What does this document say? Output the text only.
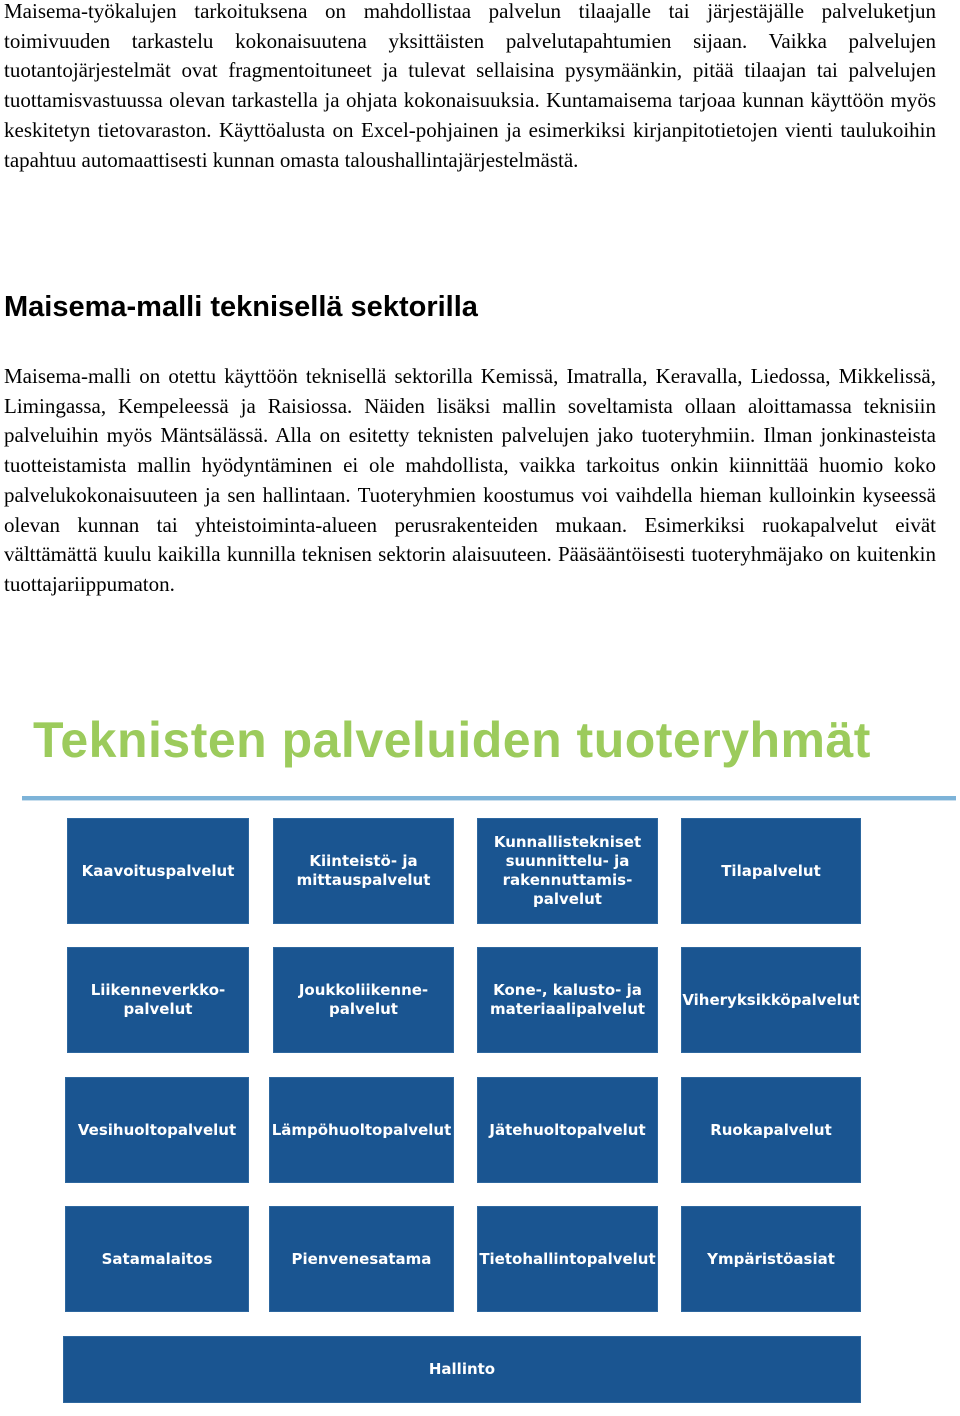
Maisema-työkalujen tarkoituksena on mahdollistaa palvelun tilaajalle tai järjestäjälle palveluketjun toimivuuden tarkastelu kokonaisuutena yksittäisten palvelutapahtumien sijaan. Vaikka palvelujen tuotantojärjestelmät ovat fragmentoituneet ja tulevat sellaisina pysymäänkin, pitää tilaajan tai palvelujen tuottamisvastuussa olevan tarkastella ja ohjata kokonaisuuksia. Kuntamaisema tarjoaa kunnan käyttöön myös keskitetyn tietovaraston. Käyttöalusta on Excel-pohjainen ja esimerkiksi kirjanpitotietojen vienti taulukoihin tapahtuu automaattisesti kunnan omasta taloushallintajärjestelmästä.

Maisema-malli teknisellä sektorilla

Maisema-malli on otettu käyttöön teknisellä sektorilla Kemissä, Imatralla, Keravalla, Liedossa, Mikkelissä, Limingassa, Kempeleessä ja Raisiossa. Näiden lisäksi mallin soveltamista ollaan aloittamassa teknisiin palveluihin myös Mäntsälässä. Alla on esitetty teknisten palvelujen jako tuoteryhmiin. Ilman jonkinasteista tuotteistamista mallin hyödyntäminen ei ole mahdollista, vaikka tarkoitus onkin kiinnittää huomio koko palvelukokonaisuuteen ja sen hallintaan. Tuoteryhmien koostumus voi vaihdella hieman kulloinkin kyseessä olevan kunnan tai yhteistoiminta-alueen perusrakenteiden mukaan. Esimerkiksi ruokapalvelut eivät välttämättä kuulu kaikilla kunnilla teknisen sektorin alaisuuteen. Pääsääntöisesti tuoteryhmäjako on kuitenkin tuottajariippumaton.

Teknisten palveluiden tuoteryhmät
Kaavoituspalvelut
Kiinteistö- ja
mittauspalvelut
Kunnallistekniset
suunnittelu- ja
rakennuttamis-
palvelut
Tilapalvelut
Liikenneverkko-
palvelut
Joukkoliikenne-
palvelut
Kone-, kalusto- ja
materiaalipalvelut
Viheryksikköpalvelut
Vesihuoltopalvelut Lämpöhuoltopalvelut	Jätehuoltopalvelut	Ruokapalvelut
Satamalaitos	Pienvenesatama	Tietohallintopalvelut	Ympäristöasiat
Hallinto
